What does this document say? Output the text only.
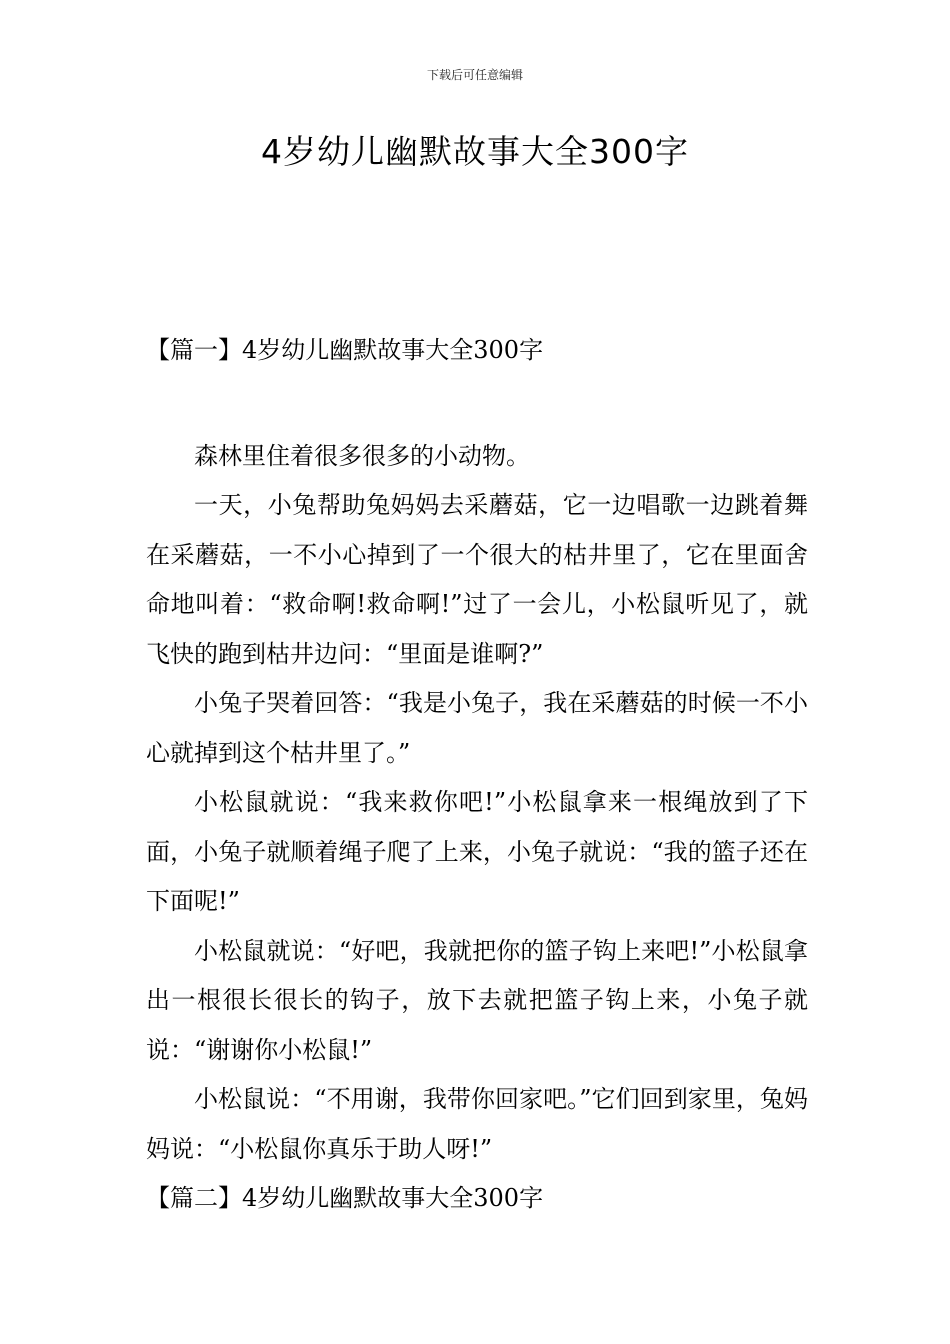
下载后可任意编辑
4岁幼儿幽默故事大全300字
【篇一】4岁幼儿幽默故事大全300字

森林里住着很多很多的小动物。

一天，小兔帮助兔妈妈去采蘑菇，它一边唱歌一边跳着舞在采蘑菇，一不小心掉到了一个很大的枯井里了，它在里面舍命地叫着：“救命啊!救命啊!”过了一会儿，小松鼠听见了，就飞快的跑到枯井边问：“里面是谁啊?”

小兔子哭着回答：“我是小兔子，我在采蘑菇的时候一不小心就掉到这个枯井里了。”

小松鼠就说：“我来救你吧!”小松鼠拿来一根绳放到了下面，小兔子就顺着绳子爬了上来，小兔子就说：“我的篮子还在下面呢!”

小松鼠就说：“好吧，我就把你的篮子钩上来吧!”小松鼠拿出一根很长很长的钩子，放下去就把篮子钩上来，小兔子就说：“谢谢你小松鼠!”

小松鼠说：“不用谢，我带你回家吧。”它们回到家里，兔妈妈说：“小松鼠你真乐于助人呀!”

【篇二】4岁幼儿幽默故事大全300字
